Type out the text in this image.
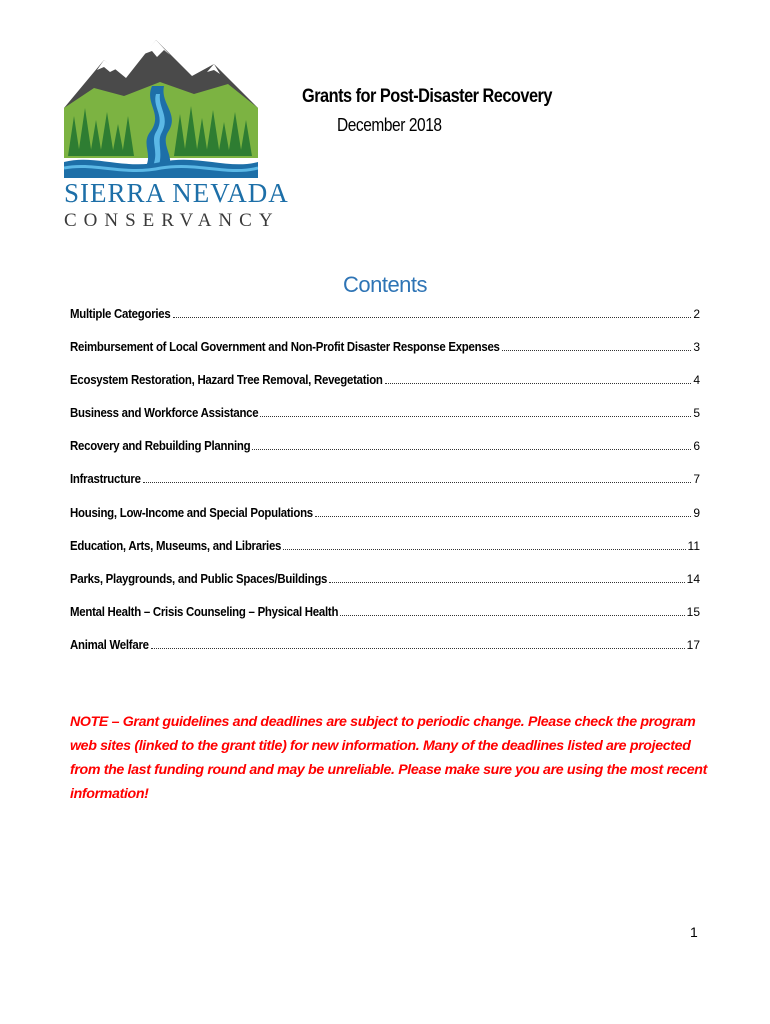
SIERRA NEVADA
CONSERVANCY
Grants for Post-Disaster Recovery
December 2018
Contents
Multiple Categories	2
Reimbursement of Local Government and Non-Profit Disaster Response Expenses	3
Ecosystem Restoration, Hazard Tree Removal, Revegetation	4
Business and Workforce Assistance	5
Recovery and Rebuilding Planning	6
Infrastructure	7
Housing, Low-Income and Special Populations	9
Education, Arts, Museums, and Libraries	11
Parks, Playgrounds, and Public Spaces/Buildings	14
Mental Health – Crisis Counseling – Physical Health	15
Animal Welfare	17
NOTE – Grant guidelines and deadlines are subject to periodic change. Please check the program web sites (linked to the grant title) for new information. Many of the deadlines listed are projected from the last funding round and may be unreliable. Please make sure you are using the most recent information!
1
